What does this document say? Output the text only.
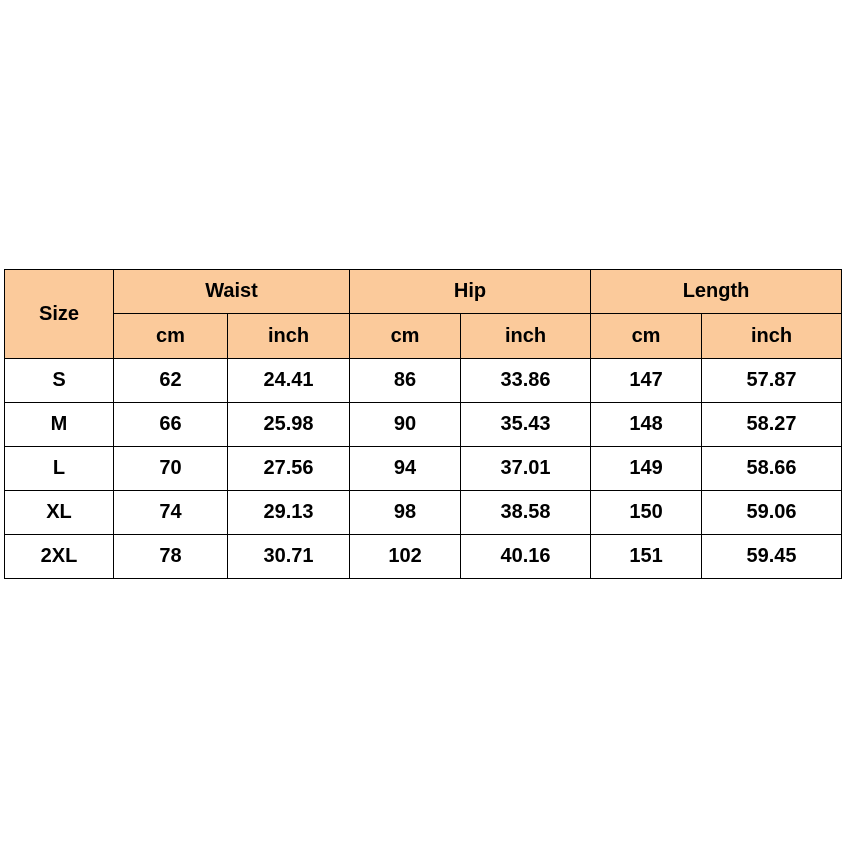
Size	Waist		Hip		Length	
	cm	inch	cm	inch	cm	inch
S	62	24.41	86	33.86	147	57.87
M	66	25.98	90	35.43	148	58.27
L	70	27.56	94	37.01	149	58.66
XL	74	29.13	98	38.58	150	59.06
2XL	78	30.71	102	40.16	151	59.45
